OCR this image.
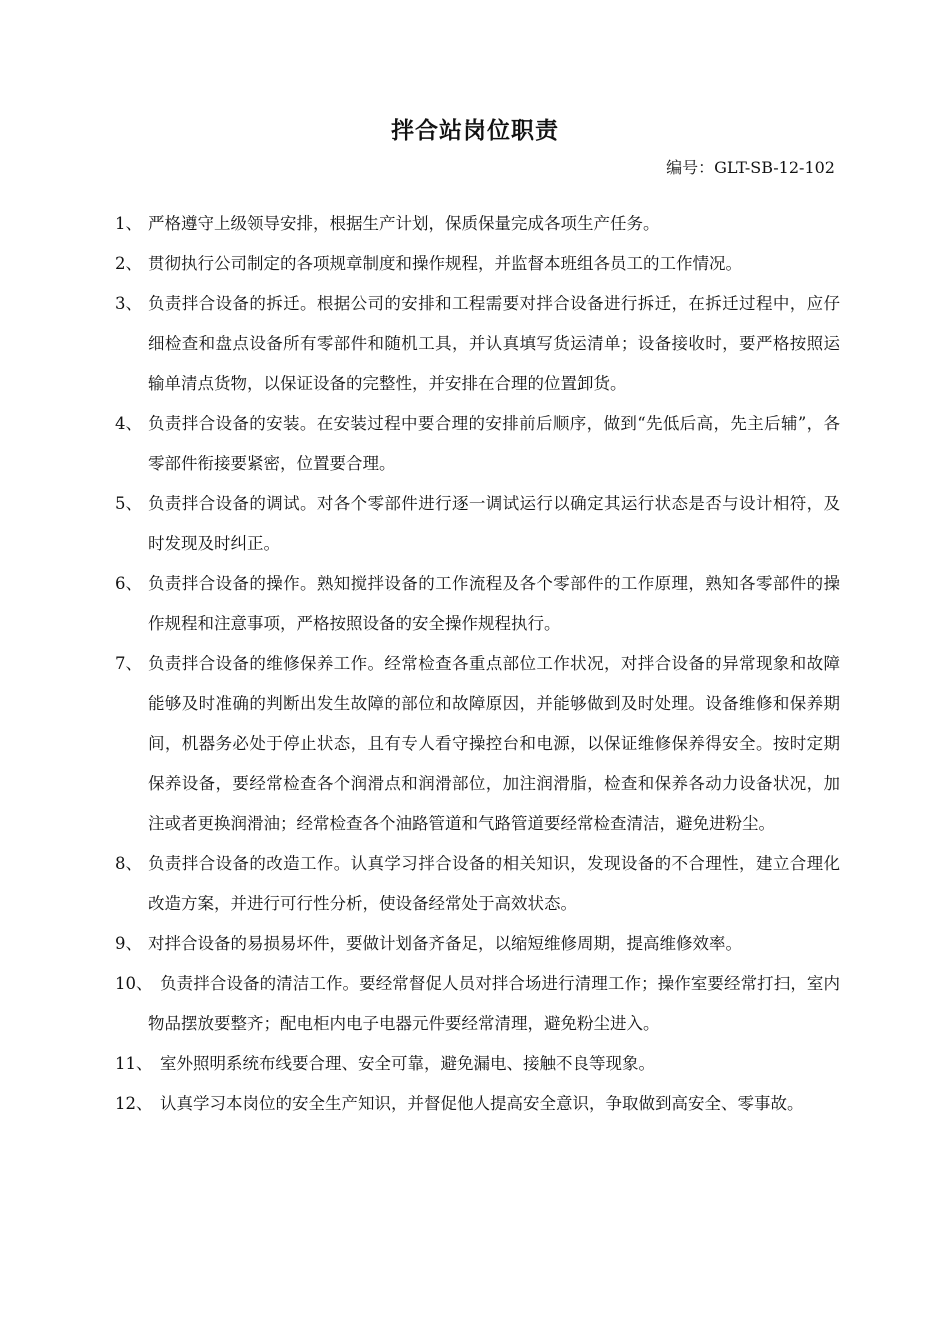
拌合站岗位职责
编号：GLT-SB-12-102
1、 严格遵守上级领导安排，根据生产计划，保质保量完成各项生产任务。
2、 贯彻执行公司制定的各项规章制度和操作规程，并监督本班组各员工的工作情况。
3、 负责拌合设备的拆迁。根据公司的安排和工程需要对拌合设备进行拆迁，在拆迁过程中，应仔细检查和盘点设备所有零部件和随机工具，并认真填写货运清单；设备接收时，要严格按照运输单清点货物，以保证设备的完整性，并安排在合理的位置卸货。
4、 负责拌合设备的安装。在安装过程中要合理的安排前后顺序，做到“先低后高，先主后辅”，各零部件衔接要紧密，位置要合理。
5、 负责拌合设备的调试。对各个零部件进行逐一调试运行以确定其运行状态是否与设计相符，及时发现及时纠正。
6、 负责拌合设备的操作。熟知搅拌设备的工作流程及各个零部件的工作原理，熟知各零部件的操作规程和注意事项，严格按照设备的安全操作规程执行。
7、 负责拌合设备的维修保养工作。经常检查各重点部位工作状况，对拌合设备的异常现象和故障能够及时准确的判断出发生故障的部位和故障原因，并能够做到及时处理。设备维修和保养期间，机器务必处于停止状态，且有专人看守操控台和电源，以保证维修保养得安全。按时定期保养设备，要经常检查各个润滑点和润滑部位，加注润滑脂，检查和保养各动力设备状况，加注或者更换润滑油；经常检查各个油路管道和气路管道要经常检查清洁，避免进粉尘。
8、 负责拌合设备的改造工作。认真学习拌合设备的相关知识，发现设备的不合理性，建立合理化改造方案，并进行可行性分析，使设备经常处于高效状态。
9、 对拌合设备的易损易坏件，要做计划备齐备足，以缩短维修周期，提高维修效率。
10、 负责拌合设备的清洁工作。要经常督促人员对拌合场进行清理工作；操作室要经常打扫，室内物品摆放要整齐；配电柜内电子电器元件要经常清理，避免粉尘进入。
11、 室外照明系统布线要合理、安全可靠，避免漏电、接触不良等现象。
12、 认真学习本岗位的安全生产知识，并督促他人提高安全意识，争取做到高安全、零事故。
